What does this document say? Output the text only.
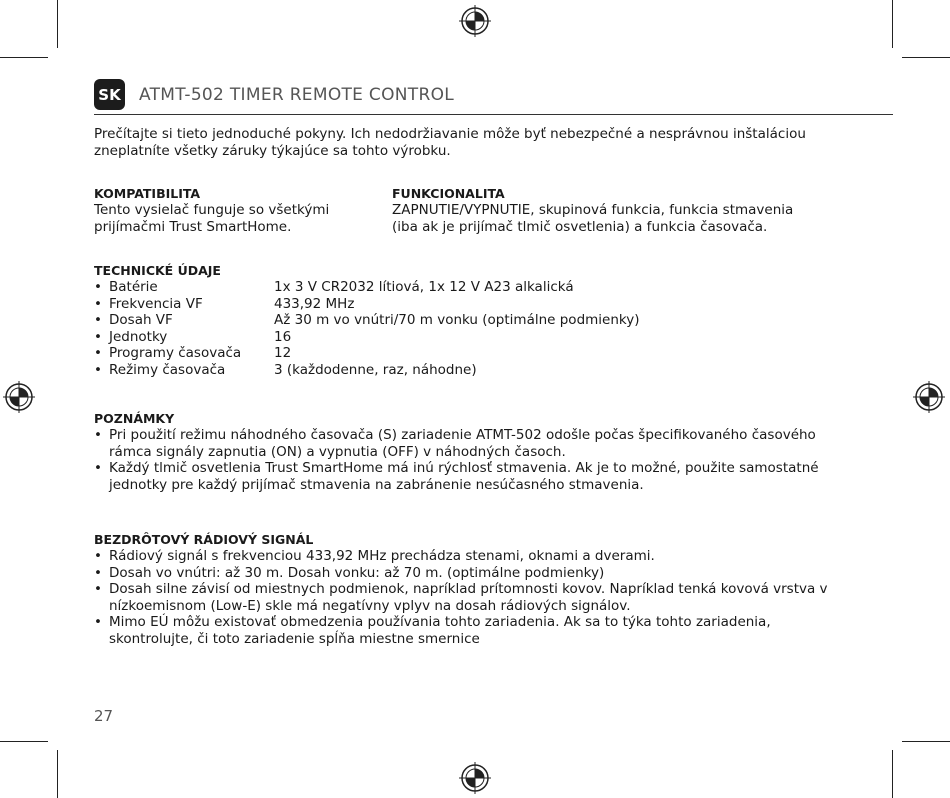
SK ATMT-502 TIMER REMOTE CONTROL
Prečítajte si tieto jednoduché pokyny. Ich nedodržiavanie môže byť nebezpečné a nesprávnou inštaláciou zneplatníte všetky záruky týkajúce sa tohto výrobku.
KOMPATIBILITA
Tento vysielač funguje so všetkými prijímačmi Trust SmartHome.
FUNKCIONALITA
ZAPNUTIE/VYPNUTIE, skupinová funkcia, funkcia stmavenia (iba ak je prijímač tlmič osvetlenia) a funkcia časovača.
TECHNICKÉ ÚDAJE
• Batérie	1x 3 V CR2032 lítiová, 1x 12 V A23 alkalická
• Frekvencia VF	433,92 MHz
• Dosah VF	Až 30 m vo vnútri/70 m vonku (optimálne podmienky)
• Jednotky	16
• Programy časovača	12
• Režimy časovača	3 (každodenne, raz, náhodne)
POZNÁMKY
• Pri použití režimu náhodného časovača (S) zariadenie ATMT-502 odošle počas špecifikovaného časového rámca signály zapnutia (ON) a vypnutia (OFF) v náhodných časoch.
• Každý tlmič osvetlenia Trust SmartHome má inú rýchlosť stmavenia. Ak je to možné, použite samostatné jednotky pre každý prijímač stmavenia na zabránenie nesúčasného stmavenia.
BEZDRÔTOVÝ RÁDIOVÝ SIGNÁL
• Rádiový signál s frekvenciou 433,92 MHz prechádza stenami, oknami a dverami.
• Dosah vo vnútri: až 30 m. Dosah vonku: až 70 m. (optimálne podmienky)
• Dosah silne závisí od miestnych podmienok, napríklad prítomnosti kovov. Napríklad tenká kovová vrstva v nízkoemisnom (Low-E) skle má negatívny vplyv na dosah rádiových signálov.
• Mimo EÚ môžu existovať obmedzenia používania tohto zariadenia. Ak sa to týka tohto zariadenia, skontrolujte, či toto zariadenie spĺňa miestne smernice
27
